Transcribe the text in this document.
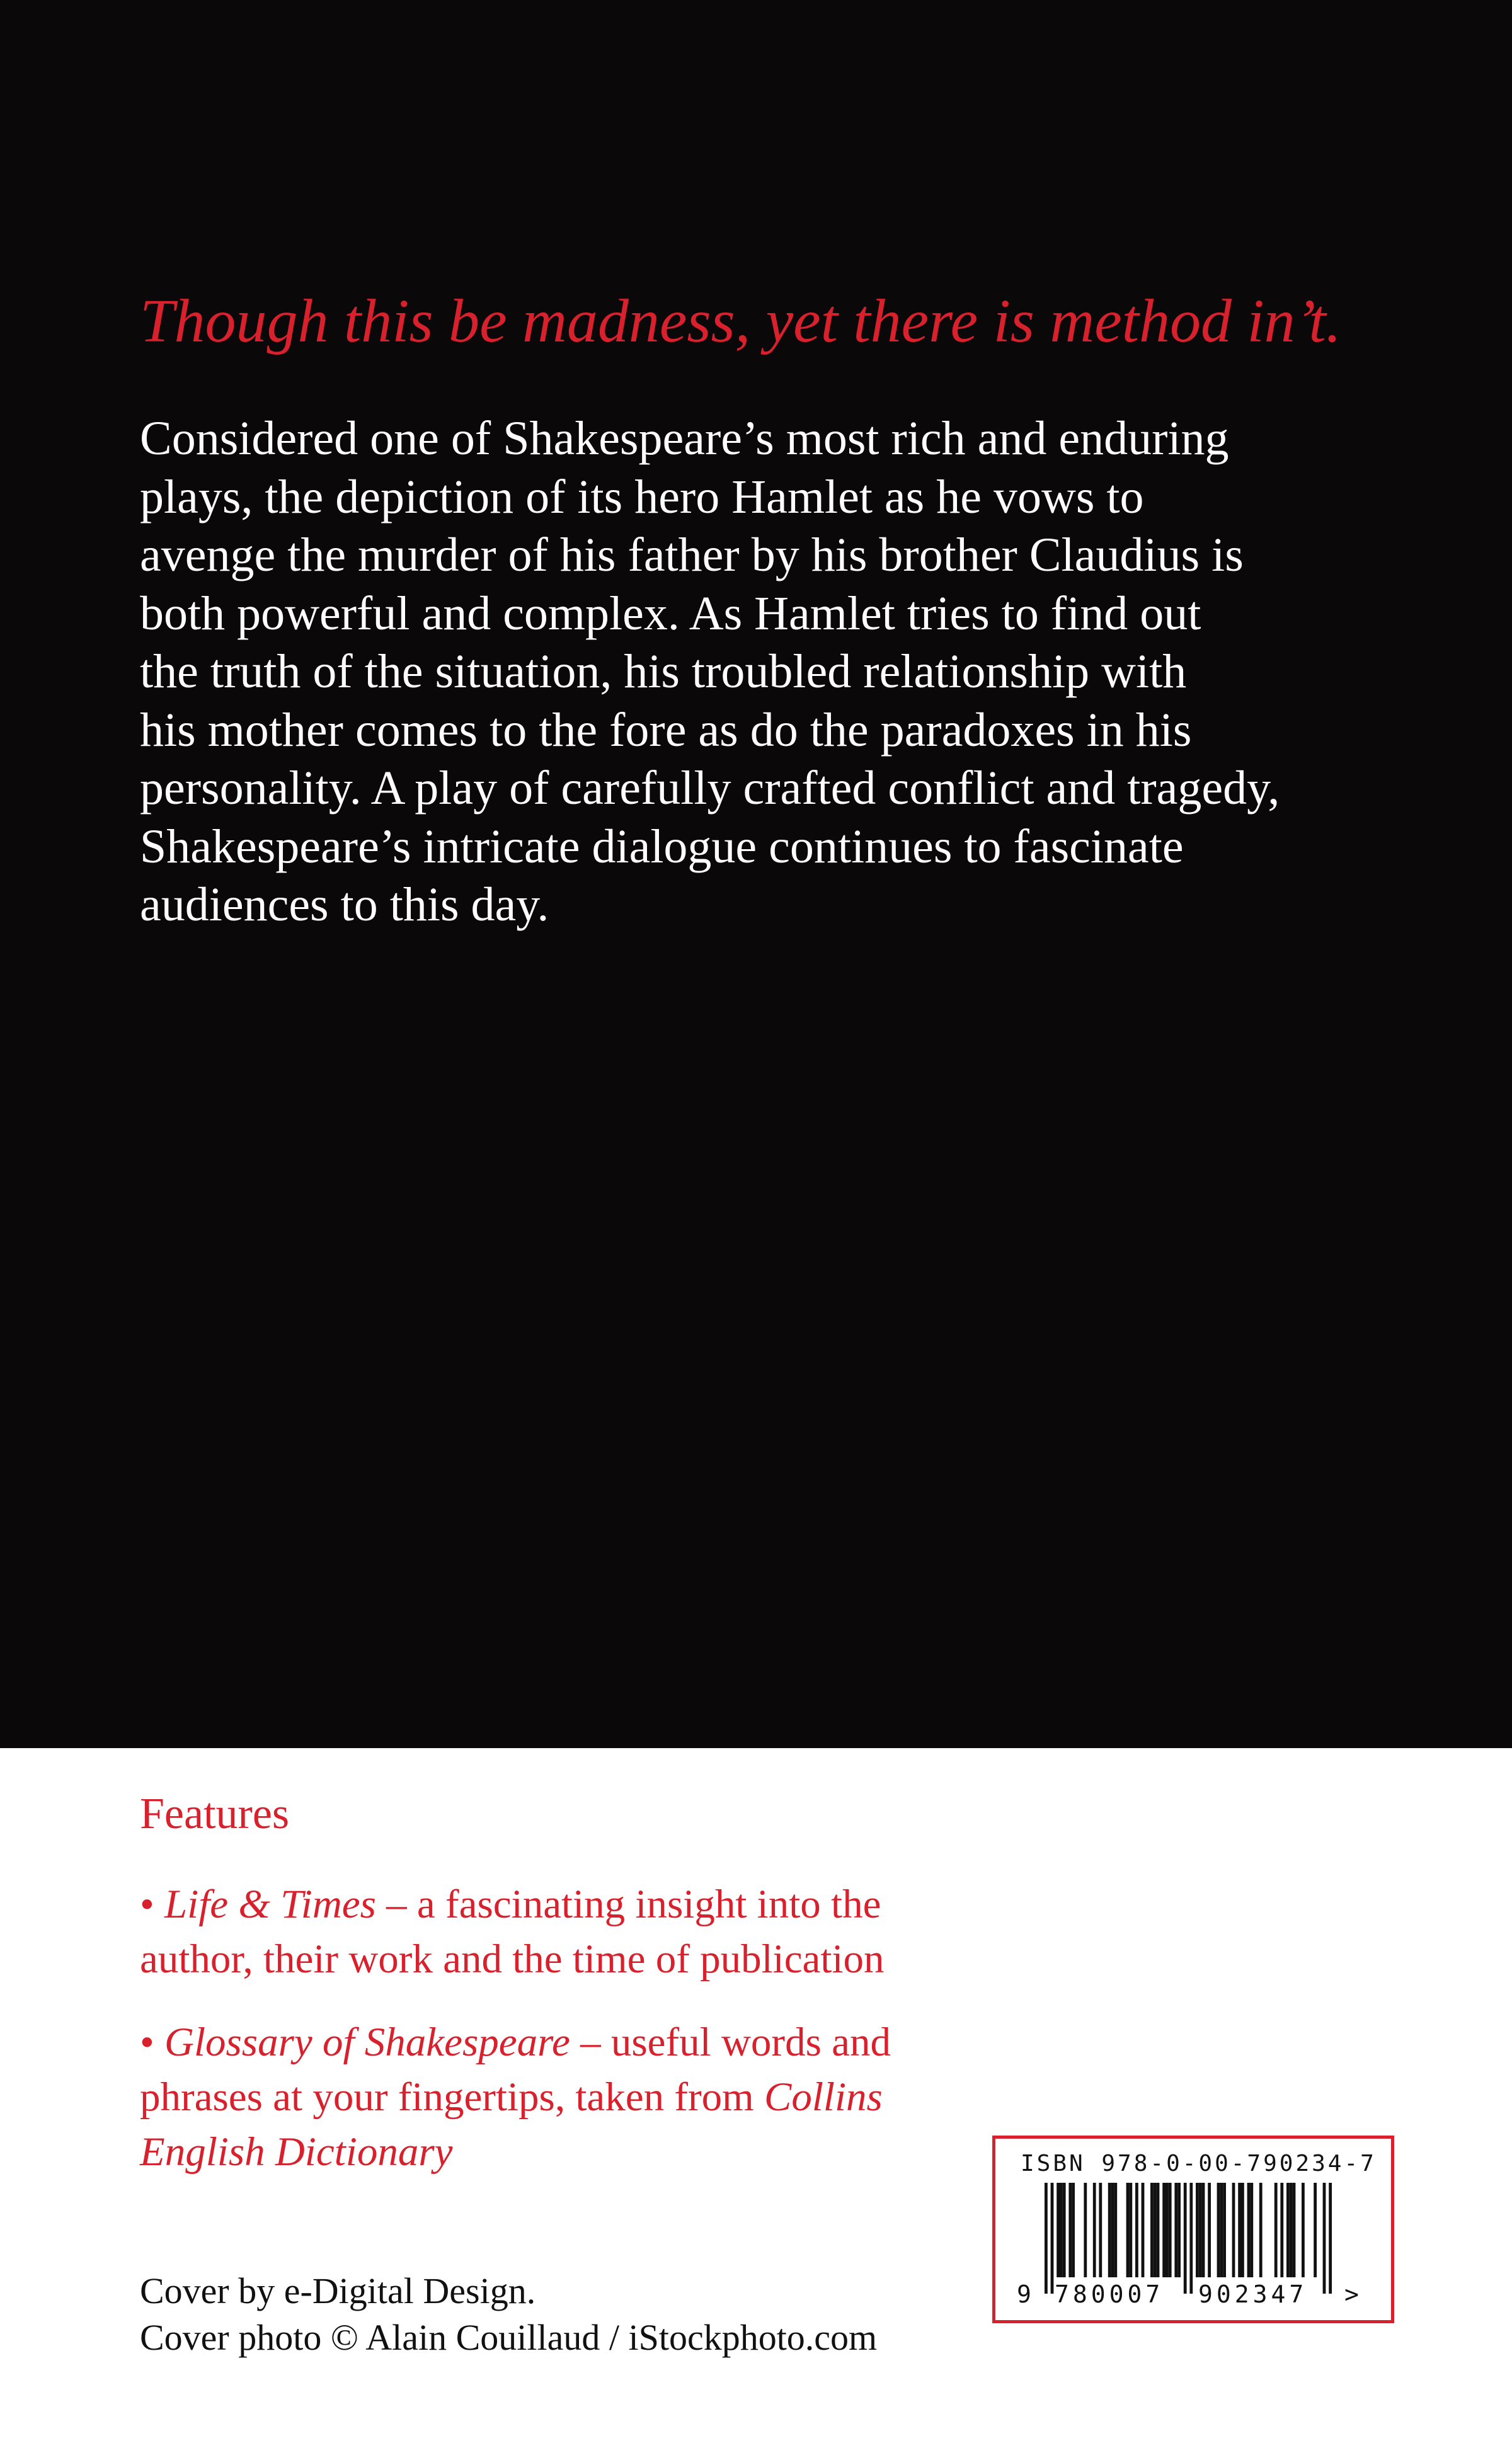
Though this be madness, yet there is method in’t.

Considered one of Shakespeare’s most rich and enduring
plays, the depiction of its hero Hamlet as he vows to
avenge the murder of his father by his brother Claudius is
both powerful and complex. As Hamlet tries to find out
the truth of the situation, his troubled relationship with
his mother comes to the fore as do the paradoxes in his
personality. A play of carefully crafted conflict and tragedy,
Shakespeare’s intricate dialogue continues to fascinate
audiences to this day.

Features

• Life & Times – a fascinating insight into the
author, their work and the time of publication

• Glossary of Shakespeare – useful words and
phrases at your fingertips, taken from Collins
English Dictionary

Cover by e-Digital Design.
Cover photo © Alain Couillaud / iStockphoto.com

ISBN 978-0-00-790234-7
9 780007 902347 >
